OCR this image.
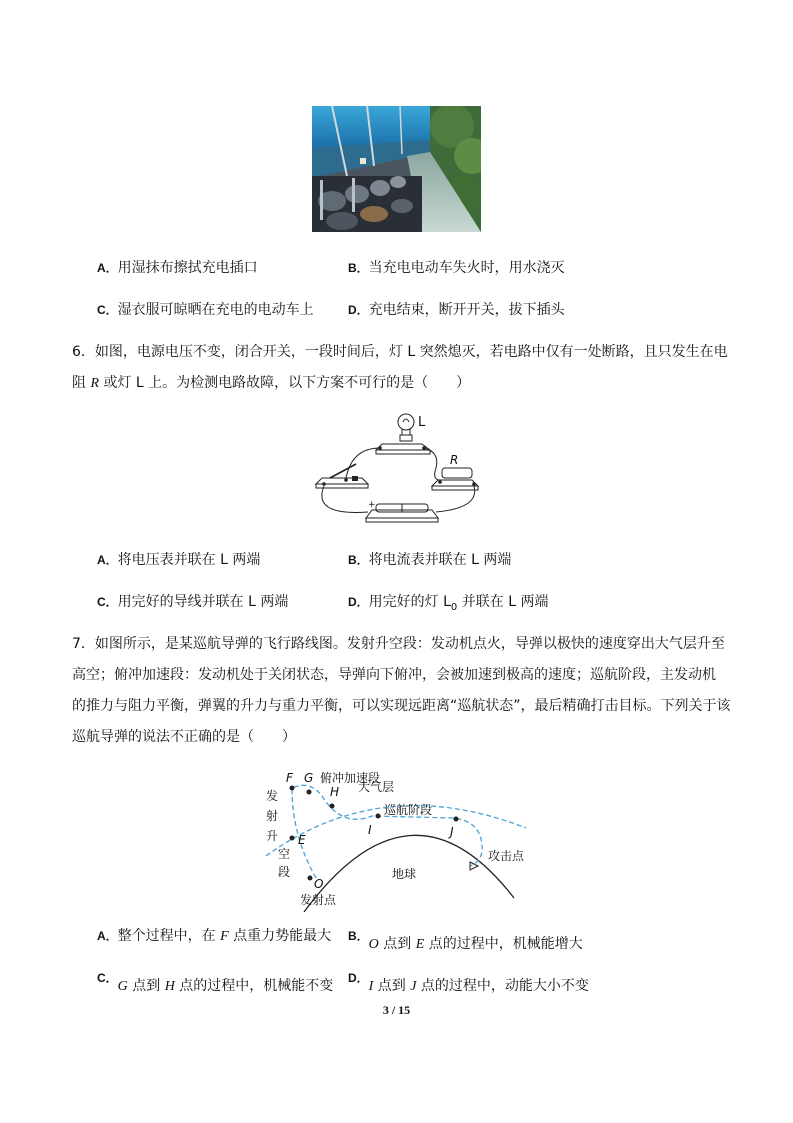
A．用湿抹布擦拭充电插口	B．当充电电动车失火时，用水浇灭
C．湿衣服可晾晒在充电的电动车上	D．充电结束，断开开关，拔下插头
6．如图，电源电压不变，闭合开关，一段时间后，灯 L 突然熄灭，若电路中仅有一处断路，且只发生在电
阻 R 或灯 L 上。为检测电路故障，以下方案不可行的是（　　）
L
R
+
A．将电压表并联在 L 两端	B．将电流表并联在 L 两端
C．用完好的导线并联在 L 两端	D．用完好的灯 $L_0$ 并联在 L 两端
7．如图所示，是某巡航导弹的飞行路线图。发射升空段：发动机点火，导弹以极快的速度穿出大气层升至
高空；俯冲加速段：发动机处于关闭状态，导弹向下俯冲，会被加速到极高的速度；巡航阶段，主发动机
的推力与阻力平衡，弹翼的升力与重力平衡，可以实现远距离“巡航状态”，最后精确打击目标。下列关于该
巡航导弹的说法不正确的是（　　）
F G
H
E
I	J
O
俯冲加速段
大气层
巡航阶段
发
射
升
空
段
攻击点
地球
发射点
A．整个过程中，在 F 点重力势能最大 B．O 点到 E 点的过程中，机械能增大
C．G 点到 H 点的过程中，机械能不变 D．I 点到 J 点的过程中，动能大小不变
3 / 15
